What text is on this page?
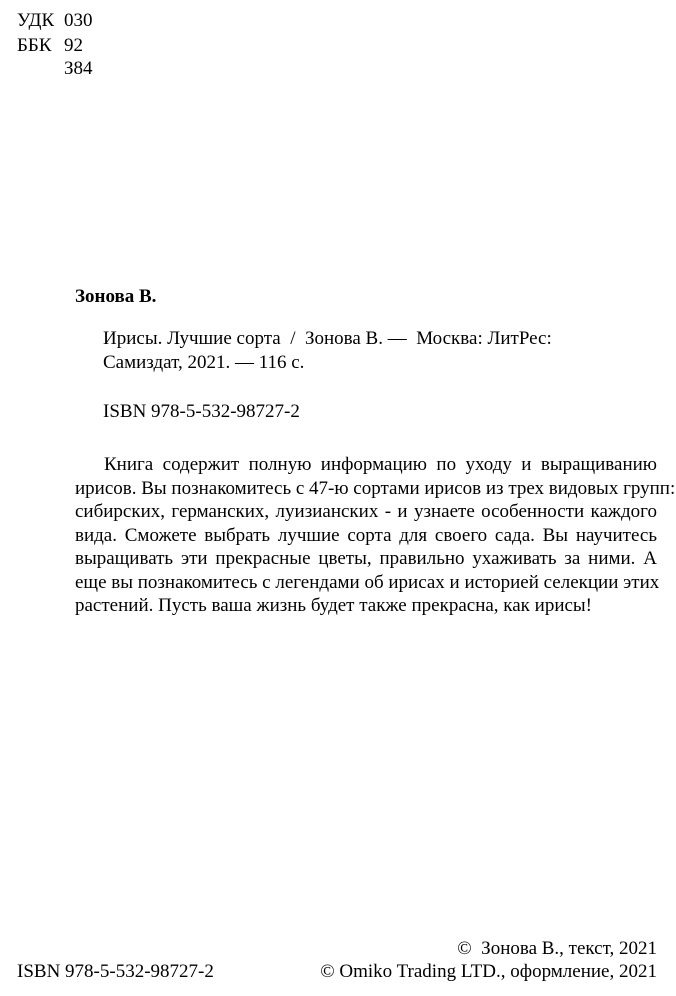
УДК 030
ББК 92
З84
Зонова В.
Ирисы. Лучшие сорта  /  Зонова В. —  Москва: ЛитРес:
Самиздат, 2021. — 116 с.
ISBN 978-5-532-98727-2
Книга содержит полную информацию по уходу и выращиванию
ирисов. Вы познакомитесь с 47-ю сортами ирисов из трех видовых групп:
сибирских, германских, луизианских - и узнаете особенности каждого
вида. Сможете выбрать лучшие сорта для своего сада. Вы научитесь
выращивать эти прекрасные цветы, правильно ухаживать за ними. А
еще вы познакомитесь с легендами об ирисах и историей селекции этих
растений. Пусть ваша жизнь будет также прекрасна, как ирисы!
ISBN 978-5-532-98727-2
©  Зонова В., текст, 2021
© Omiko Trading LTD., оформление, 2021
